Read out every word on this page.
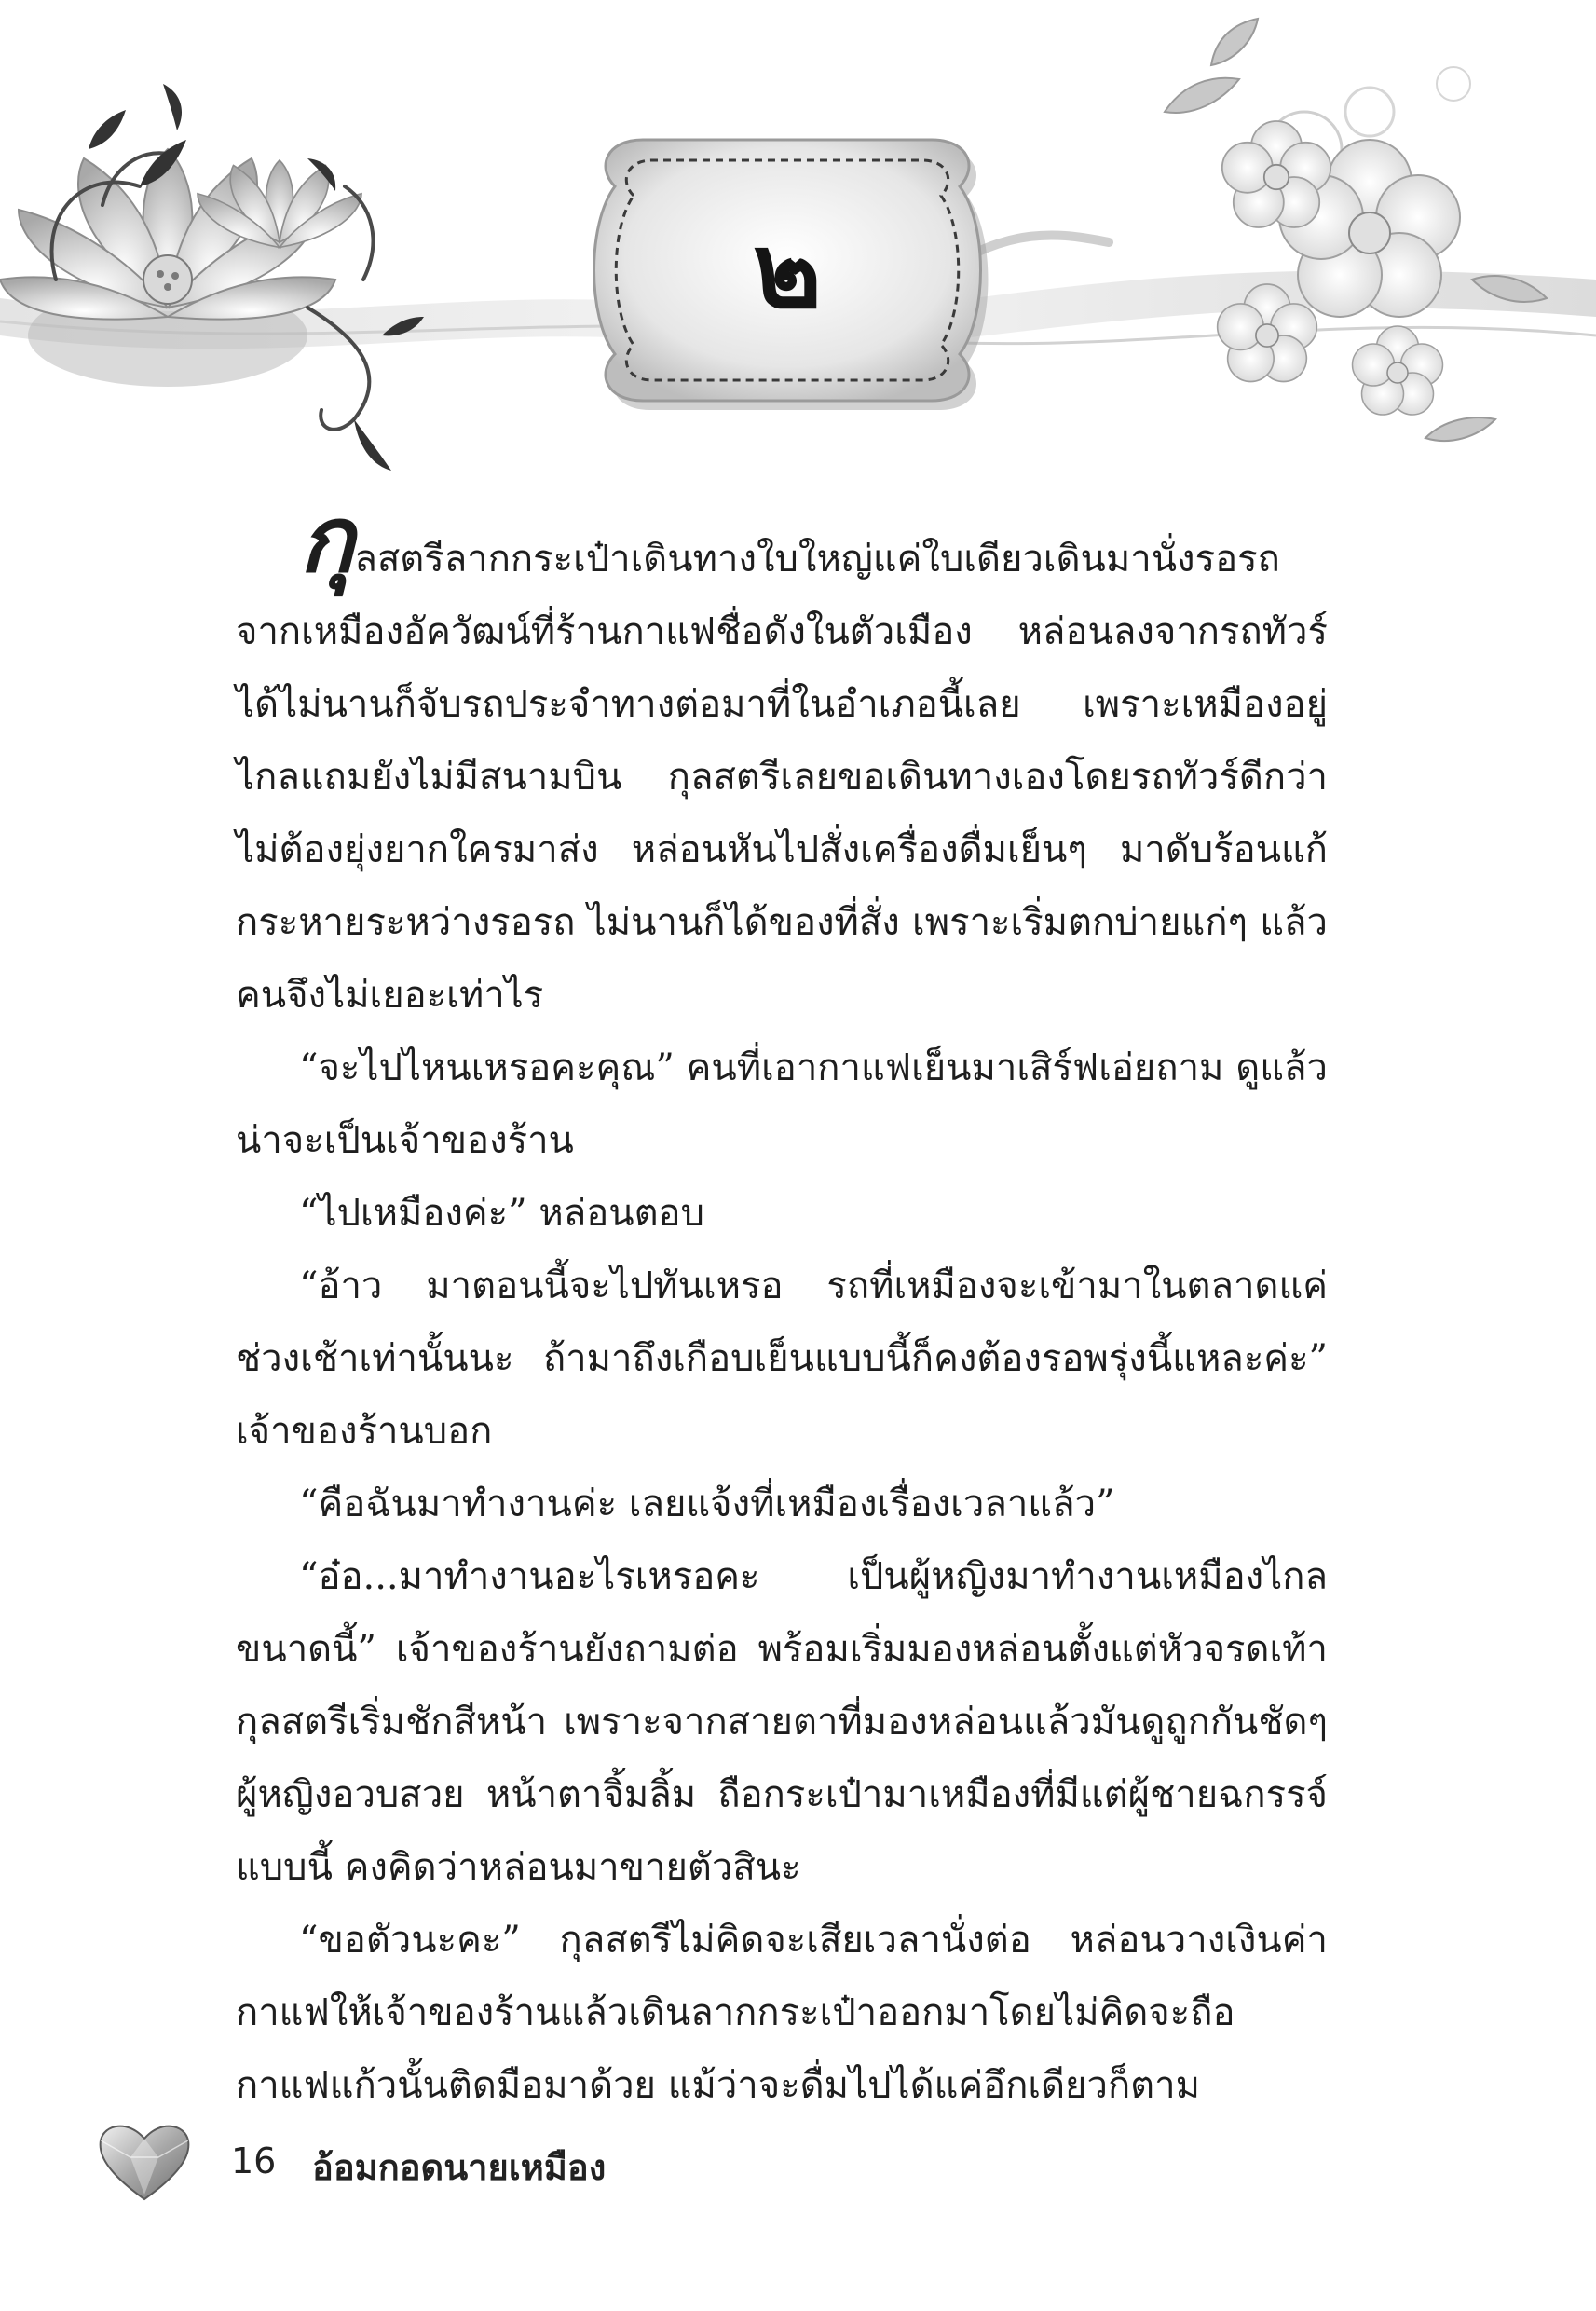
๒

กุลสตรีลากกระเป๋าเดินทางใบใหญ่แค่ใบเดียวเดินมานั่งรอรถจากเหมืองอัควัฒน์ที่ร้านกาแฟชื่อดังในตัวเมือง หล่อนลงจากรถทัวร์ได้ไม่นานก็จับรถประจำทางต่อมาที่ในอำเภอนี้เลย เพราะเหมืองอยู่ไกลแถมยังไม่มีสนามบิน กุลสตรีเลยขอเดินทางเองโดยรถทัวร์ดีกว่า ไม่ต้องยุ่งยากใครมาส่ง หล่อนหันไปสั่งเครื่องดื่มเย็นๆ มาดับร้อนแก้กระหายระหว่างรอรถ ไม่นานก็ได้ของที่สั่ง เพราะเริ่มตกบ่ายแก่ๆ แล้ว คนจึงไม่เยอะเท่าไร

“จะไปไหนเหรอคะคุณ” คนที่เอากาแฟเย็นมาเสิร์ฟเอ่ยถาม ดูแล้วน่าจะเป็นเจ้าของร้าน

“ไปเหมืองค่ะ” หล่อนตอบ

“อ้าว มาตอนนี้จะไปทันเหรอ รถที่เหมืองจะเข้ามาในตลาดแค่ช่วงเช้าเท่านั้นนะ ถ้ามาถึงเกือบเย็นแบบนี้ก็คงต้องรอพรุ่งนี้แหละค่ะ” เจ้าของร้านบอก

“คือฉันมาทำงานค่ะ เลยแจ้งที่เหมืองเรื่องเวลาแล้ว”

“อ๋อ...มาทำงานอะไรเหรอคะ เป็นผู้หญิงมาทำงานเหมืองไกลขนาดนี้” เจ้าของร้านยังถามต่อ พร้อมเริ่มมองหล่อนตั้งแต่หัวจรดเท้า กุลสตรีเริ่มชักสีหน้า เพราะจากสายตาที่มองหล่อนแล้วมันดูถูกกันชัดๆ ผู้หญิงอวบสวย หน้าตาจิ้มลิ้ม ถือกระเป๋ามาเหมืองที่มีแต่ผู้ชายฉกรรจ์แบบนี้ คงคิดว่าหล่อนมาขายตัวสินะ

“ขอตัวนะคะ” กุลสตรีไม่คิดจะเสียเวลานั่งต่อ หล่อนวางเงินค่ากาแฟให้เจ้าของร้านแล้วเดินลากกระเป๋าออกมาโดยไม่คิดจะถือกาแฟแก้วนั้นติดมือมาด้วย แม้ว่าจะดื่มไปได้แค่อึกเดียวก็ตาม

16 อ้อมกอดนายเหมือง
